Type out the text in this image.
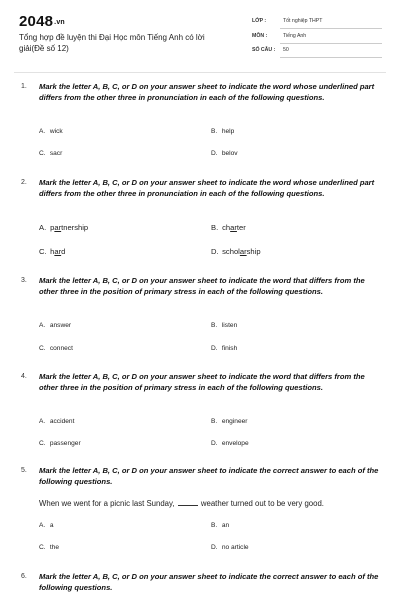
2048.vn
Tổng hợp đề luyện thi Đại Học môn Tiếng Anh có lời giải(Đề số 12)
LỚP :	Tốt nghiệp THPT
MÔN :	Tiếng Anh
SỐ CÂU : 50
1. Mark the letter A, B, C, or D on your answer sheet to indicate the word whose underlined part differs from the other three in pronunciation in each of the following questions.
A. wick	B. help
C. sacr	D. belov
2. Mark the letter A, B, C, or D on your answer sheet to indicate the word whose underlined part differs from the other three in pronunciation in each of the following questions.
A. partnership	B. charter
C. hard	D. scholarship
3. Mark the letter A, B, C, or D on your answer sheet to indicate the word that differs from the other three in the position of primary stress in each of the following questions.
A. answer	B. listen
C. connect	D. finish
4. Mark the letter A, B, C, or D on your answer sheet to indicate the word that differs from the other three in the position of primary stress in each of the following questions.
A. accident	B. engineer
C. passenger	D. envelope
5. Mark the letter A, B, C, or D on your answer sheet to indicate the correct answer to each of the following questions.
When we went for a picnic last Sunday,	weather turned out to be very good.
A. a	B. an
C. the	D. no article
6. Mark the letter A, B, C, or D on your answer sheet to indicate the correct answer to each of the following questions.
